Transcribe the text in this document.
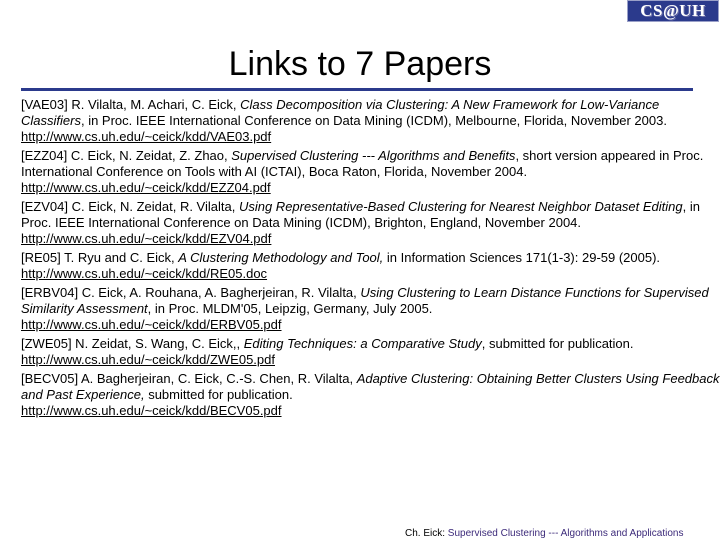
CS@UH
Links to 7 Papers
[VAE03] R. Vilalta, M. Achari, C. Eick, Class Decomposition via Clustering: A New Framework for Low-Variance Classifiers, in Proc. IEEE International Conference on Data Mining (ICDM), Melbourne, Florida, November 2003.
http://www.cs.uh.edu/~ceick/kdd/VAE03.pdf
[EZZ04] C. Eick, N. Zeidat, Z. Zhao, Supervised Clustering --- Algorithms and Benefits, short version appeared in Proc. International Conference on Tools with AI (ICTAI), Boca Raton, Florida, November 2004.
http://www.cs.uh.edu/~ceick/kdd/EZZ04.pdf
[EZV04] C. Eick, N. Zeidat, R. Vilalta, Using Representative-Based Clustering for Nearest Neighbor Dataset Editing, in Proc. IEEE International Conference on Data Mining (ICDM), Brighton, England, November 2004.
http://www.cs.uh.edu/~ceick/kdd/EZV04.pdf
[RE05] T. Ryu and C. Eick, A Clustering Methodology and Tool, in Information Sciences 171(1-3): 29-59 (2005).
http://www.cs.uh.edu/~ceick/kdd/RE05.doc
[ERBV04] C. Eick, A. Rouhana, A. Bagherjeiran, R. Vilalta, Using Clustering to Learn Distance Functions for Supervised Similarity Assessment, in Proc. MLDM'05, Leipzig, Germany, July 2005.
http://www.cs.uh.edu/~ceick/kdd/ERBV05.pdf
[ZWE05] N. Zeidat, S. Wang, C. Eick,, Editing Techniques: a Comparative Study, submitted for publication.
http://www.cs.uh.edu/~ceick/kdd/ZWE05.pdf
[BECV05] A. Bagherjeiran, C. Eick, C.-S. Chen, R. Vilalta, Adaptive Clustering: Obtaining Better Clusters Using Feedback and Past Experience, submitted for publication.
http://www.cs.uh.edu/~ceick/kdd/BECV05.pdf
Ch. Eick: Supervised Clustering --- Algorithms and Applications
